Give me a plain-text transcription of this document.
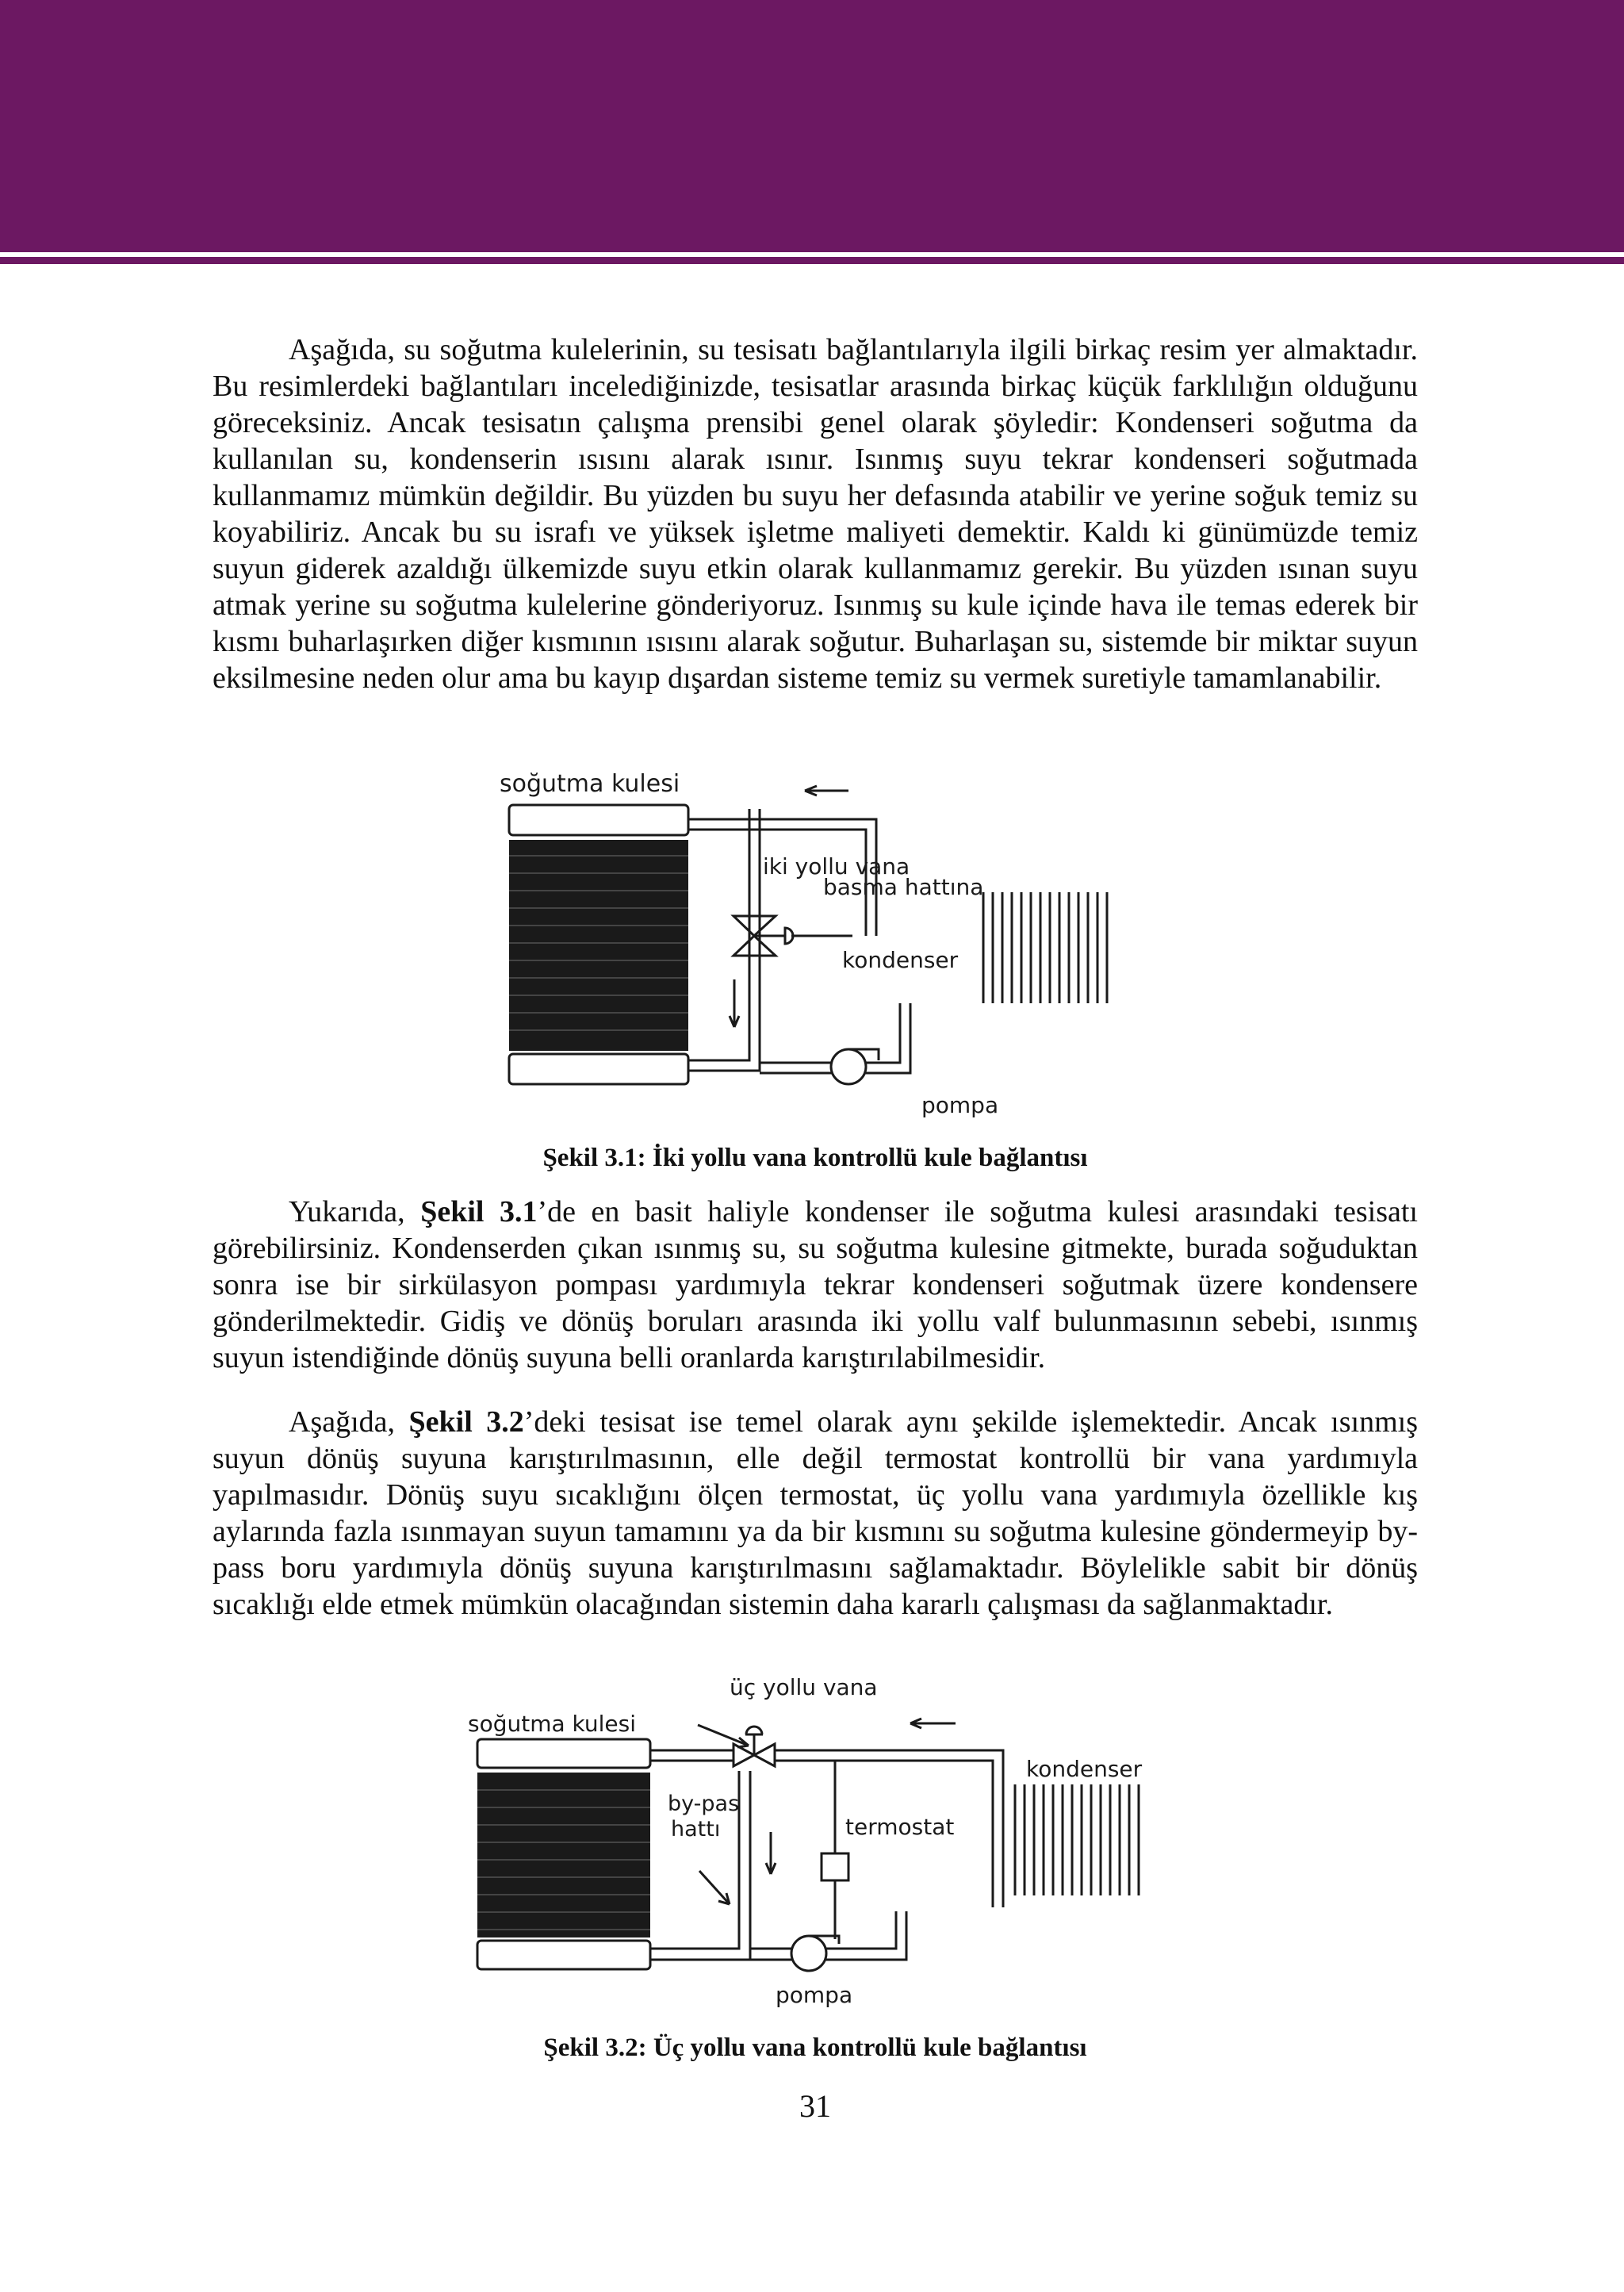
Aşağıda, su soğutma kulelerinin, su tesisatı bağlantılarıyla ilgili birkaç resim yer almaktadır. Bu resimlerdeki bağlantıları incelediğinizde, tesisatlar arasında birkaç küçük farklılığın olduğunu göreceksiniz. Ancak tesisatın çalışma prensibi genel olarak şöyledir: Kondenseri soğutma da kullanılan su, kondenserin ısısını alarak ısınır. Isınmış suyu tekrar kondenseri soğutmada kullanmamız mümkün değildir. Bu yüzden bu suyu her defasında atabilir ve yerine soğuk temiz su koyabiliriz. Ancak bu su israfı ve yüksek işletme maliyeti demektir. Kaldı ki günümüzde temiz suyun giderek azaldığı ülkemizde suyu etkin olarak kullanmamız gerekir. Bu yüzden ısınan suyu atmak yerine su soğutma kulelerine gönderiyoruz. Isınmış su kule içinde hava ile temas ederek bir kısmı buharlaşırken diğer kısmının ısısını alarak soğutur. Buharlaşan su, sistemde bir miktar suyun eksilmesine neden olur ama bu kayıp dışardan sisteme temiz su vermek suretiyle tamamlanabilir.

soğutma kulesi
iki yollu vana
basma hattına
kondenser
pompa
Şekil 3.1: İki yollu vana kontrollü kule bağlantısı

Yukarıda, Şekil 3.1’de en basit haliyle kondenser ile soğutma kulesi arasındaki tesisatı görebilirsiniz. Kondenserden çıkan ısınmış su, su soğutma kulesine gitmekte, burada soğuduktan sonra ise bir sirkülasyon pompası yardımıyla tekrar kondenseri soğutmak üzere kondensere gönderilmektedir. Gidiş ve dönüş boruları arasında iki yollu valf bulunmasının sebebi, ısınmış suyun istendiğinde dönüş suyuna belli oranlarda karıştırılabilmesidir.

Aşağıda, Şekil 3.2’deki tesisat ise temel olarak aynı şekilde işlemektedir. Ancak ısınmış suyun dönüş suyuna karıştırılmasının, elle değil termostat kontrollü bir vana yardımıyla yapılmasıdır. Dönüş suyu sıcaklığını ölçen termostat, üç yollu vana yardımıyla özellikle kış aylarında fazla ısınmayan suyun tamamını ya da bir kısmını su soğutma kulesine göndermeyip by-pass boru yardımıyla dönüş suyuna karıştırılmasını sağlamaktadır. Böylelikle sabit bir dönüş sıcaklığı elde etmek mümkün olacağından sistemin daha kararlı çalışması da sağlanmaktadır.

üç yollu vana
soğutma kulesi
kondenser
by-pas
hattı	termostat
pompa
Şekil 3.2: Üç yollu vana kontrollü kule bağlantısı
31
